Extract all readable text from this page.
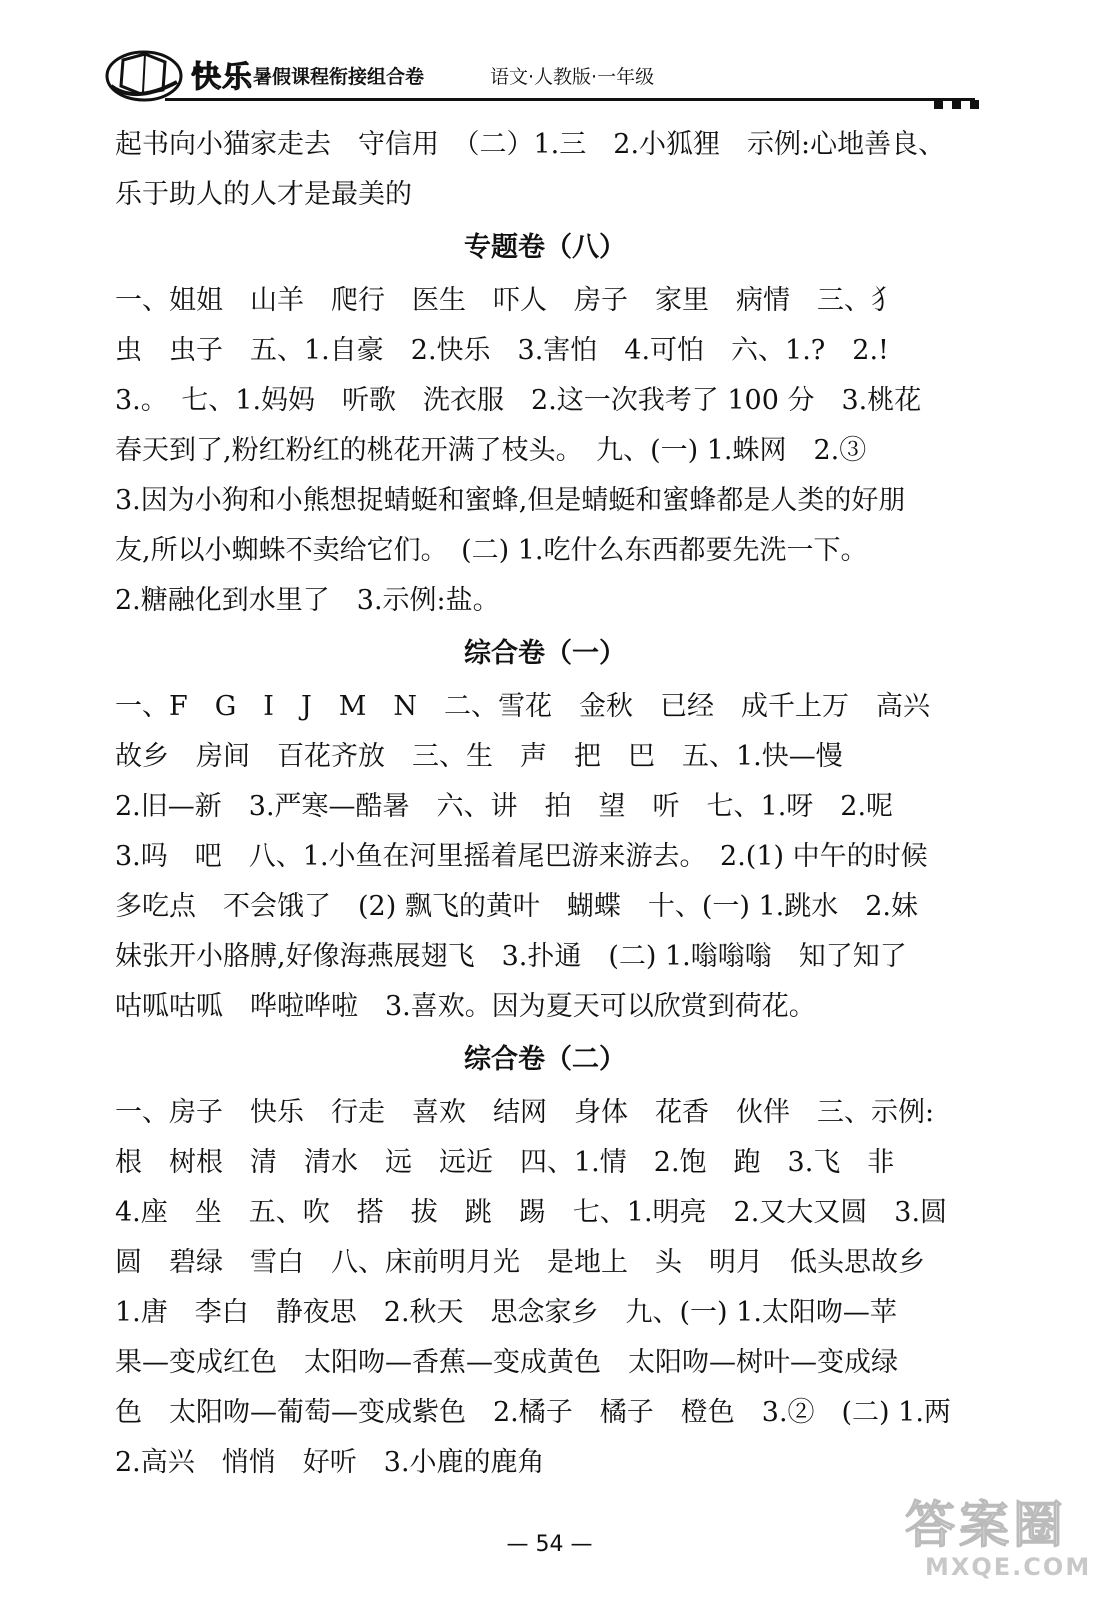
快乐 暑假课程衔接组合卷	语文·人教版·一年级
起书向小猫家走去　守信用　（二）1.三　2.小狐狸　示例:心地善良、
乐于助人的人才是最美的
专题卷（八）
一、姐姐　山羊　爬行　医生　吓人　房子　家里　病情　三、犭
虫　虫子　五、1.自豪　2.快乐　3.害怕　4.可怕　六、1.?　2.!
3.。　七、1.妈妈　听歌　洗衣服　2.这一次我考了 100 分　3.桃花
春天到了,粉红粉红的桃花开满了枝头。　九、(一) 1.蛛网　2.③
3.因为小狗和小熊想捉蜻蜓和蜜蜂,但是蜻蜓和蜜蜂都是人类的好朋
友,所以小蜘蛛不卖给它们。　(二) 1.吃什么东西都要先洗一下。
2.糖融化到水里了　3.示例:盐。
综合卷（一）
一、F　G　I　J　M　N　二、雪花　金秋　已经　成千上万　高兴
故乡　房间　百花齐放　三、生　声　把　巴　五、1.快—慢
2.旧—新　3.严寒—酷暑　六、讲　拍　望　听　七、1.呀　2.呢
3.吗　吧　八、1.小鱼在河里摇着尾巴游来游去。　2.(1) 中午的时候
多吃点　不会饿了　(2) 飘飞的黄叶　蝴蝶　十、(一) 1.跳水　2.妹
妹张开小胳膊,好像海燕展翅飞　3.扑通　(二) 1.嗡嗡嗡　知了知了
咕呱咕呱　哗啦哗啦　3.喜欢。因为夏天可以欣赏到荷花。
综合卷（二）
一、房子　快乐　行走　喜欢　结网　身体　花香　伙伴　三、示例:
根　树根　清　清水　远　远近　四、1.情　2.饱　跑　3.飞　非
4.座　坐　五、吹　搭　拔　跳　踢　七、1.明亮　2.又大又圆　3.圆
圆　碧绿　雪白　八、床前明月光　是地上　头　明月　低头思故乡
1.唐　李白　静夜思　2.秋天　思念家乡　九、(一) 1.太阳吻—苹
果—变成红色　太阳吻—香蕉—变成黄色　太阳吻—树叶—变成绿
色　太阳吻—葡萄—变成紫色　2.橘子　橘子　橙色　3.②　(二) 1.两
2.高兴　悄悄　好听　3.小鹿的鹿角
— 54 —	答案圈
MXQE.COM
